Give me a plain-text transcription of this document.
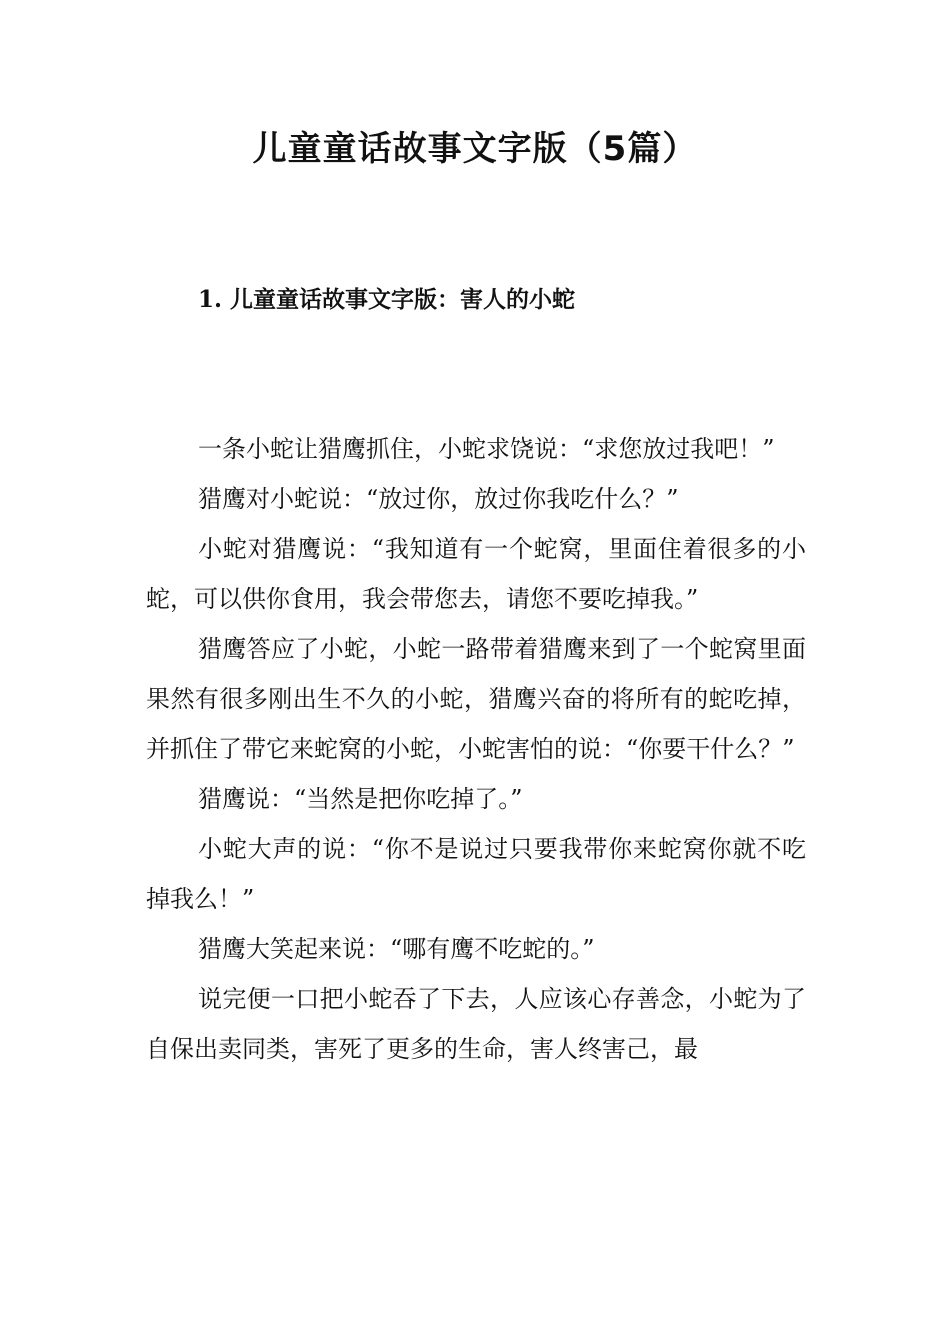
儿童童话故事文字版（5篇）
1. 儿童童话故事文字版：害人的小蛇

一条小蛇让猎鹰抓住，小蛇求饶说：“求您放过我吧！”

猎鹰对小蛇说：“放过你，放过你我吃什么？”

小蛇对猎鹰说：“我知道有一个蛇窝，里面住着很多的小蛇，可以供你食用，我会带您去，请您不要吃掉我。”

猎鹰答应了小蛇，小蛇一路带着猎鹰来到了一个蛇窝里面果然有很多刚出生不久的小蛇，猎鹰兴奋的将所有的蛇吃掉，并抓住了带它来蛇窝的小蛇，小蛇害怕的说：“你要干什么？”

猎鹰说：“当然是把你吃掉了。”

小蛇大声的说：“你不是说过只要我带你来蛇窝你就不吃掉我么！”

猎鹰大笑起来说：“哪有鹰不吃蛇的。”

说完便一口把小蛇吞了下去，人应该心存善念，小蛇为了自保出卖同类，害死了更多的生命，害人终害己，最
